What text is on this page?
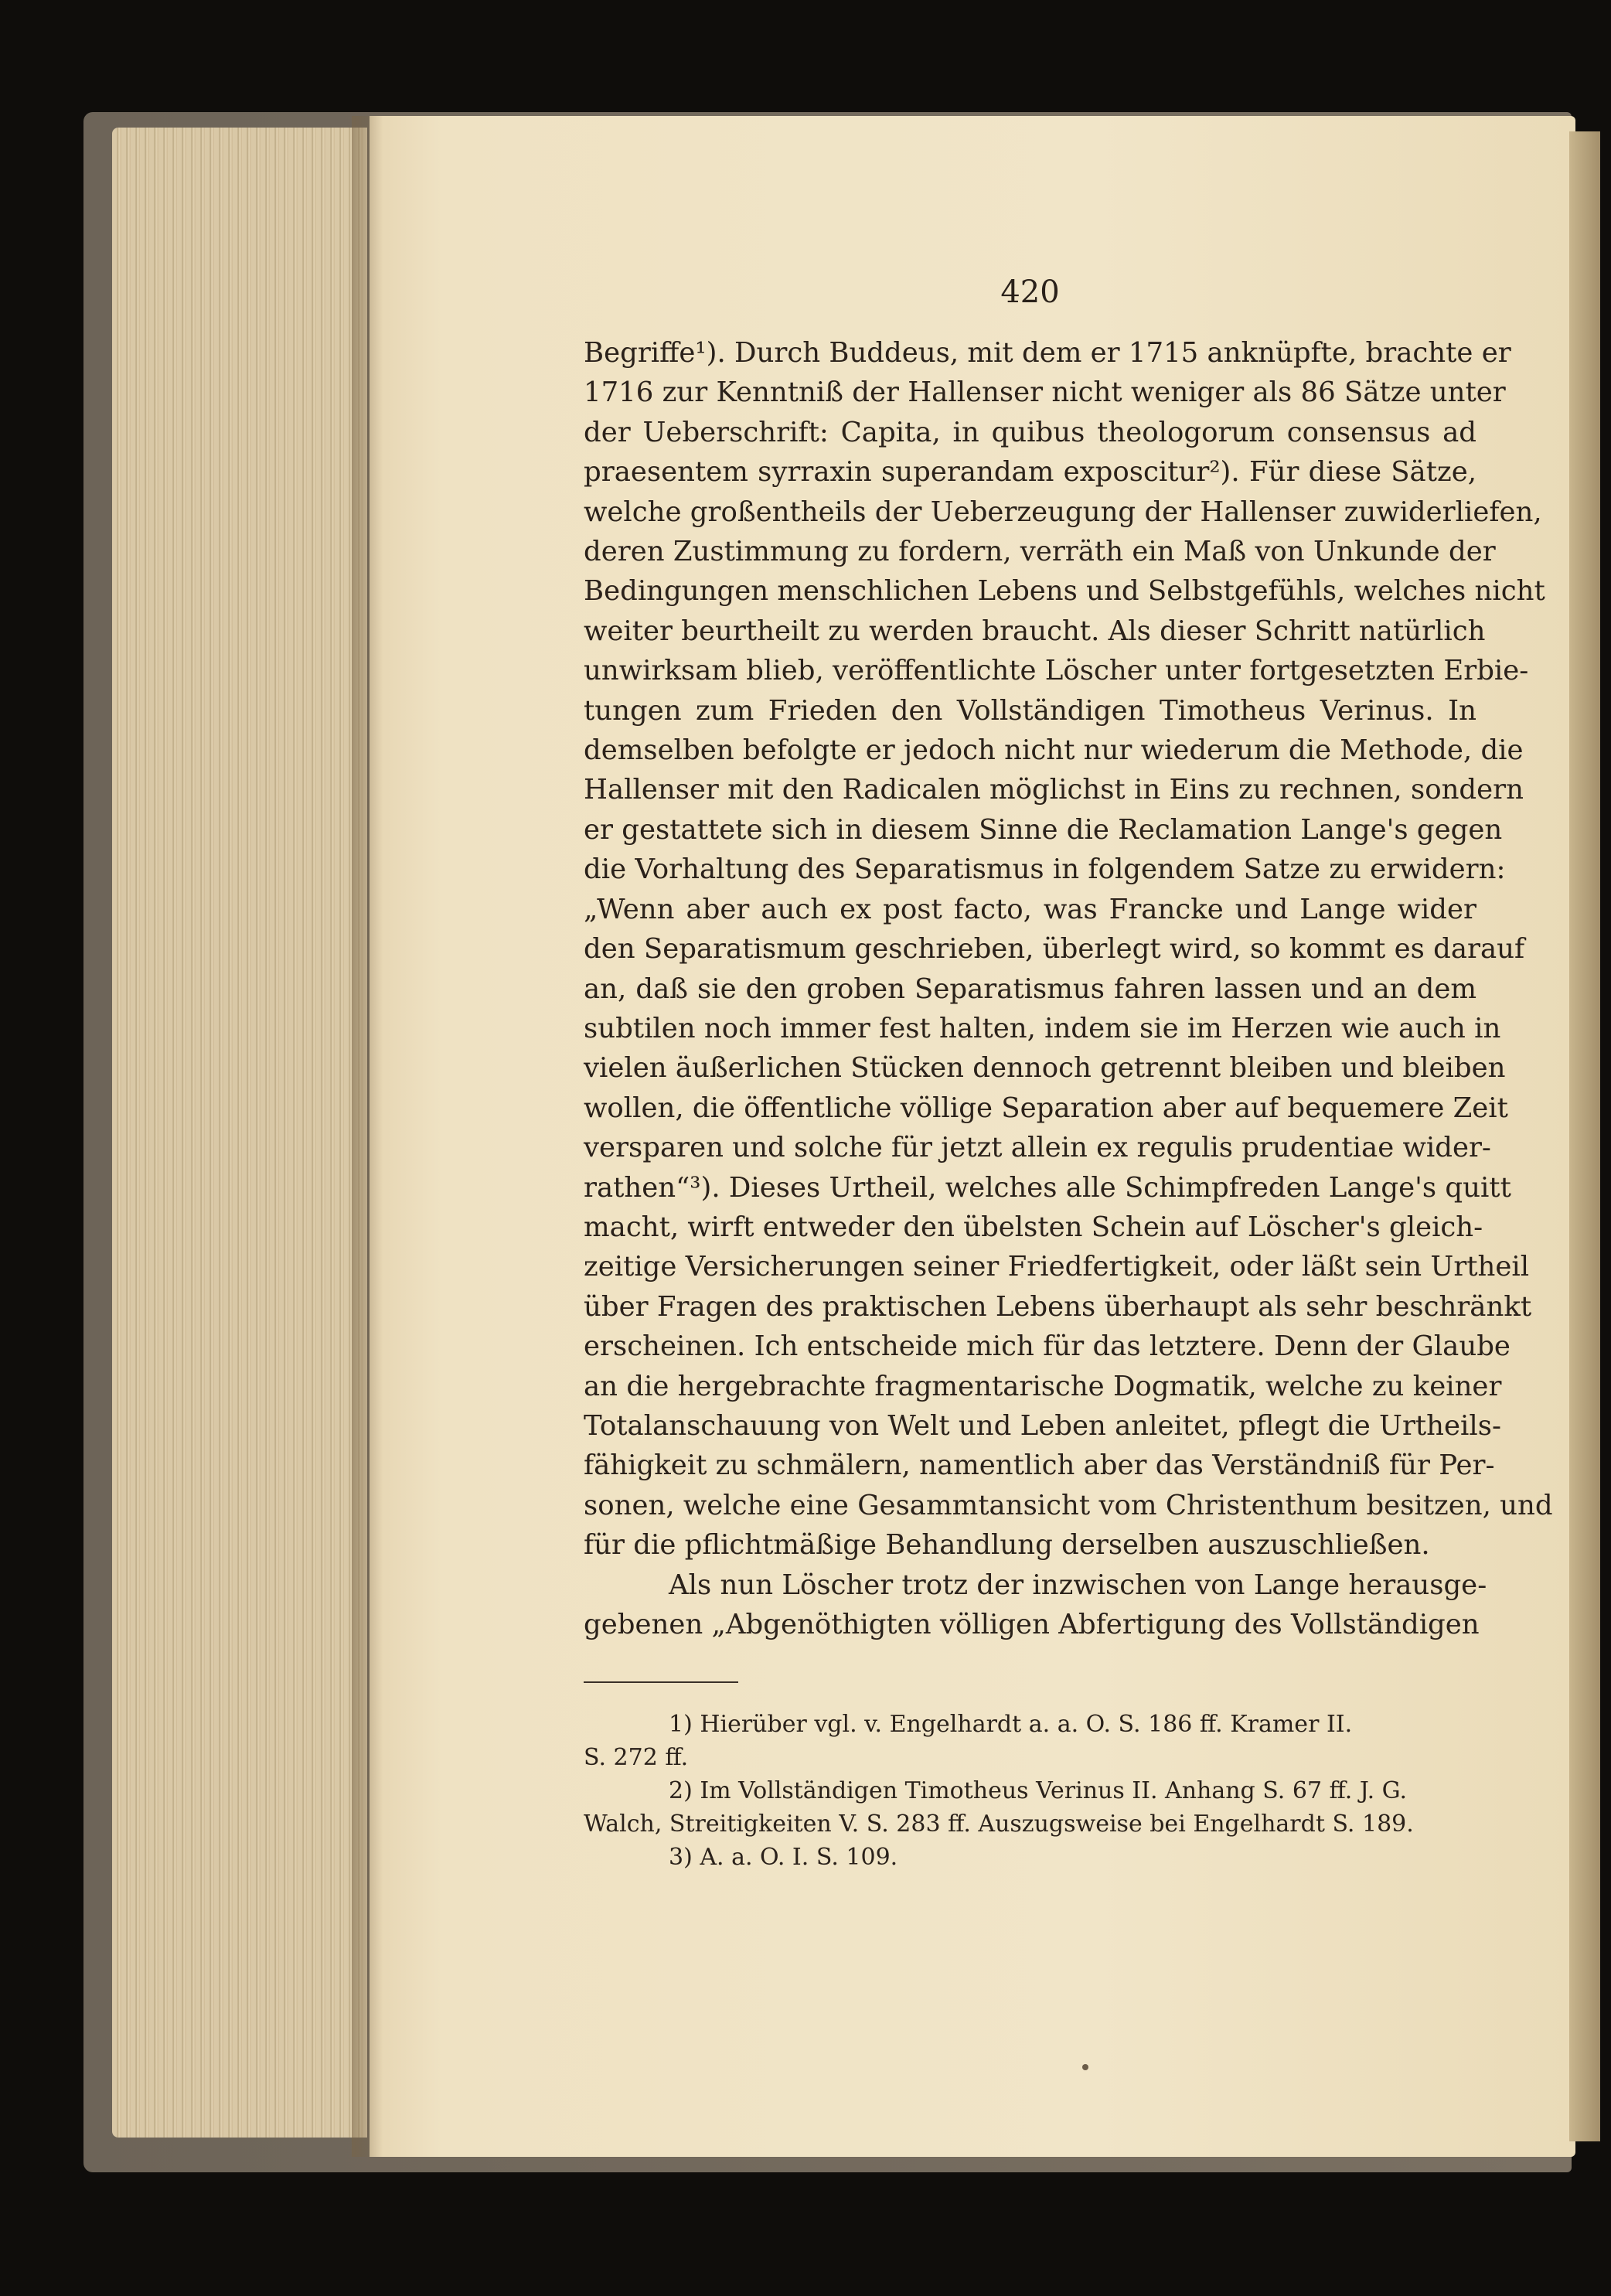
420
Begriffe¹). Durch Buddeus, mit dem er 1715 anknüpfte, brachte er
1716 zur Kenntniß der Hallenser nicht weniger als 86 Sätze unter
der Ueberschrift: Capita, in quibus theologorum consensus ad
praesentem syrraxin superandam exposcitur²). Für diese Sätze,
welche großentheils der Ueberzeugung der Hallenser zuwiderliefen,
deren Zustimmung zu fordern, verräth ein Maß von Unkunde der
Bedingungen menschlichen Lebens und Selbstgefühls, welches nicht
weiter beurtheilt zu werden braucht. Als dieser Schritt natürlich
unwirksam blieb, veröffentlichte Löscher unter fortgesetzten Erbie-
tungen zum Frieden den Vollständigen Timotheus Verinus. In
demselben befolgte er jedoch nicht nur wiederum die Methode, die
Hallenser mit den Radicalen möglichst in Eins zu rechnen, sondern
er gestattete sich in diesem Sinne die Reclamation Lange's gegen
die Vorhaltung des Separatismus in folgendem Satze zu erwidern:
„Wenn aber auch ex post facto, was Francke und Lange wider
den Separatismum geschrieben, überlegt wird, so kommt es darauf
an, daß sie den groben Separatismus fahren lassen und an dem
subtilen noch immer fest halten, indem sie im Herzen wie auch in
vielen äußerlichen Stücken dennoch getrennt bleiben und bleiben
wollen, die öffentliche völlige Separation aber auf bequemere Zeit
versparen und solche für jetzt allein ex regulis prudentiae wider-
rathen“³). Dieses Urtheil, welches alle Schimpfreden Lange's quitt
macht, wirft entweder den übelsten Schein auf Löscher's gleich-
zeitige Versicherungen seiner Friedfertigkeit, oder läßt sein Urtheil
über Fragen des praktischen Lebens überhaupt als sehr beschränkt
erscheinen. Ich entscheide mich für das letztere. Denn der Glaube
an die hergebrachte fragmentarische Dogmatik, welche zu keiner
Totalanschauung von Welt und Leben anleitet, pflegt die Urtheils-
fähigkeit zu schmälern, namentlich aber das Verständniß für Per-
sonen, welche eine Gesammtansicht vom Christenthum besitzen, und
für die pflichtmäßige Behandlung derselben auszuschließen.
Als nun Löscher trotz der inzwischen von Lange herausge-
gebenen „Abgenöthigten völligen Abfertigung des Vollständigen
1) Hierüber vgl. v. Engelhardt a. a. O. S. 186 ff. Kramer II.
S. 272 ff.
2) Im Vollständigen Timotheus Verinus II. Anhang S. 67 ff. J. G.
Walch, Streitigkeiten V. S. 283 ff. Auszugsweise bei Engelhardt S. 189.
3) A. a. O. I. S. 109.
